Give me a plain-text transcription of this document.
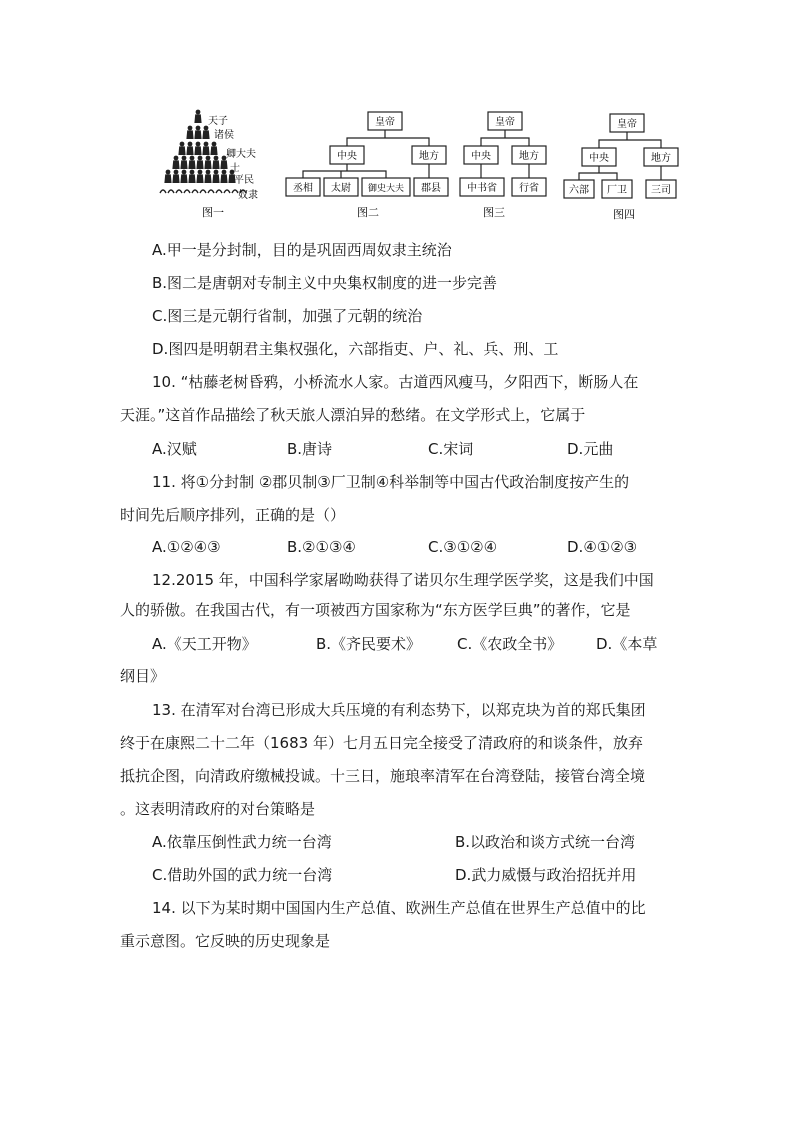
天子
诸侯
卿大夫
士
平民
奴隶
图一
皇帝
中央	地方
丞相 太尉 御史大夫 郡县
图二
皇帝
中央	地方
中书省 行省
图三
皇帝
中央	地方
六部 厂卫 三司
图四
A.甲一是分封制，目的是巩固西周奴隶主统治
B.图二是唐朝对专制主义中央集权制度的进一步完善
C.图三是元朝行省制，加强了元朝的统治
D.图四是明朝君主集权强化，六部指吏、户、礼、兵、刑、工
10. “枯藤老树昏鸦，小桥流水人家。古道西风瘦马，夕阳西下，断肠人在
天涯。”这首作品描绘了秋天旅人漂泊异的愁绪。在文学形式上，它属于
A.汉赋	B.唐诗	C.宋词	D.元曲
11. 将①分封制 ②郡贝制③厂卫制④科举制等中国古代政治制度按产生的
时间先后顺序排列，正确的是（）
A.①②④③	B.②①③④	C.③①②④	D.④①②③
12.2015 年，中国科学家屠呦呦获得了诺贝尔生理学医学奖，这是我们中国
人的骄傲。在我国古代，有一项被西方国家称为“东方医学巨典”的著作，它是
A.《天工开物》	B.《齐民要术》 C.《农政全书》 D.《本草
纲目》
13. 在清军对台湾已形成大兵压境的有利态势下，以郑克块为首的郑氏集团
终于在康熙二十二年（1683 年）七月五日完全接受了清政府的和谈条件，放弃
抵抗企图，向清政府缴械投诚。十三日，施琅率清军在台湾登陆，接管台湾全境
。这表明清政府的对台策略是
A.依靠压倒性武力统一台湾	B.以政治和谈方式统一台湾
C.借助外国的武力统一台湾	D.武力威慑与政治招抚并用
14. 以下为某时期中国国内生产总值、欧洲生产总值在世界生产总值中的比
重示意图。它反映的历史现象是
